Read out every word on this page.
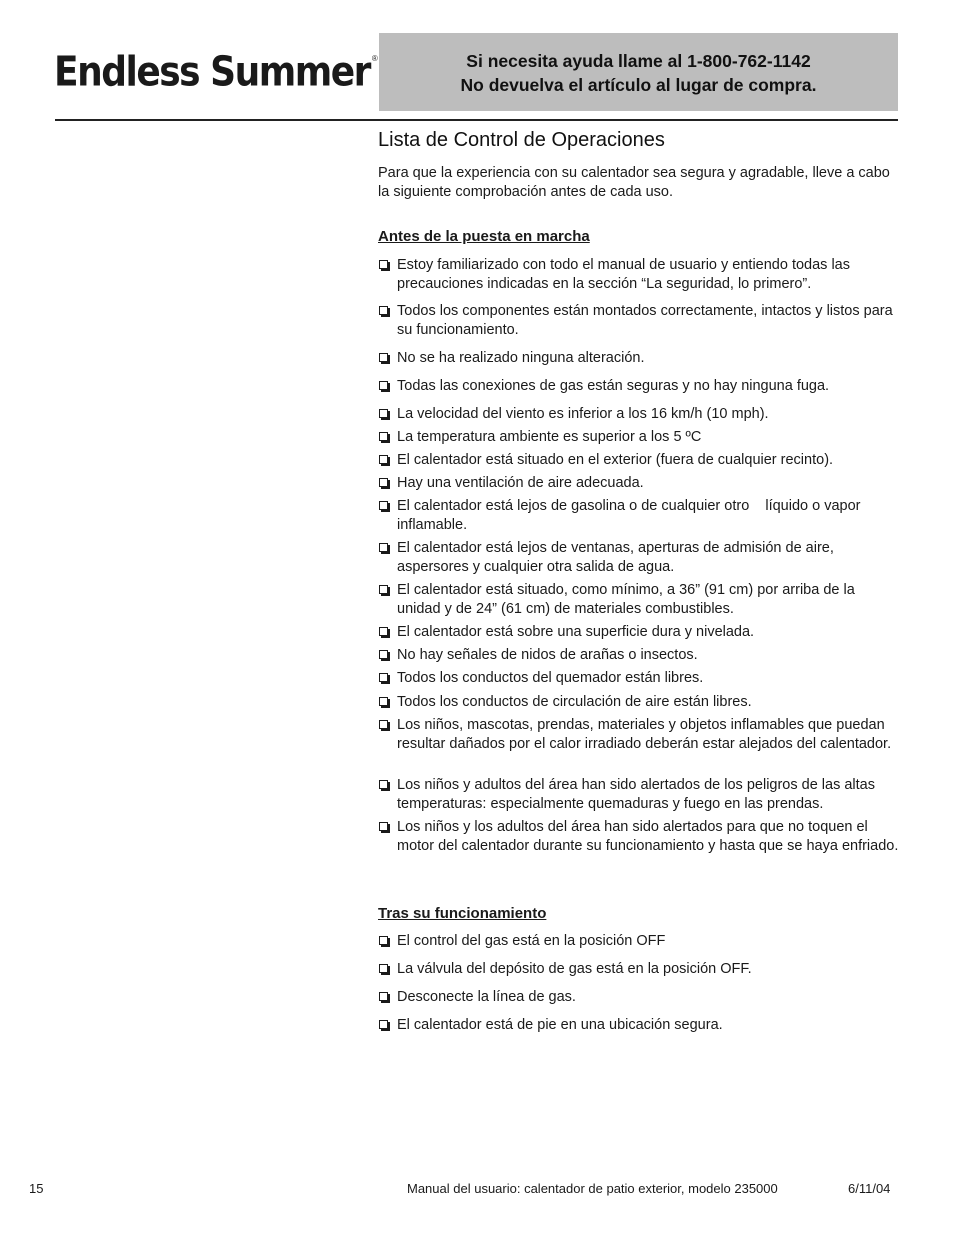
Endless Summer ®	Si necesita ayuda llame al 1-800-762-1142
No devuelva el artículo al lugar de compra.
Lista de Control de Operaciones

Para que la experiencia con su calentador sea segura y agradable, lleve a cabo la siguiente comprobación antes de cada uso.

Antes de la puesta en marcha
Estoy familiarizado con todo el manual de usuario y entiendo todas las precauciones indicadas en la sección “La seguridad, lo primero”.
Todos los componentes están montados correctamente, intactos y listos para su funcionamiento.
No se ha realizado ninguna alteración.
Todas las conexiones de gas están seguras y no hay ninguna fuga.
La velocidad del viento es inferior a los 16 km/h (10 mph).
La temperatura ambiente es superior a los 5 ºC
El calentador está situado en el exterior (fuera de cualquier recinto).
Hay una ventilación de aire adecuada.
El calentador está lejos de gasolina o de cualquier otro    líquido o vapor inflamable.
El calentador está lejos de ventanas, aperturas de admisión de aire, aspersores y cualquier otra salida de agua.
El calentador está situado, como mínimo, a 36” (91 cm) por arriba de la unidad y de 24” (61 cm) de materiales combustibles.
El calentador está sobre una superficie dura y nivelada.
No hay señales de nidos de arañas o insectos.
Todos los conductos del quemador están libres.
Todos los conductos de circulación de aire están libres.
Los niños, mascotas, prendas, materiales y objetos inflamables que puedan resultar dañados por el calor irradiado deberán estar alejados del calentador.
Los niños y adultos del área han sido alertados de los peligros de las altas temperaturas: especialmente quemaduras y fuego en las prendas.
Los niños y los adultos del área han sido alertados para que no toquen el motor del calentador durante su funcionamiento y hasta que se haya enfriado.
Tras su funcionamiento
El control del gas está en la posición OFF
La válvula del depósito de gas está en la posición OFF.
Desconecte la línea de gas.
El calentador está de pie en una ubicación segura.
15	Manual del usuario: calentador de patio exterior, modelo 235000	6/11/04
